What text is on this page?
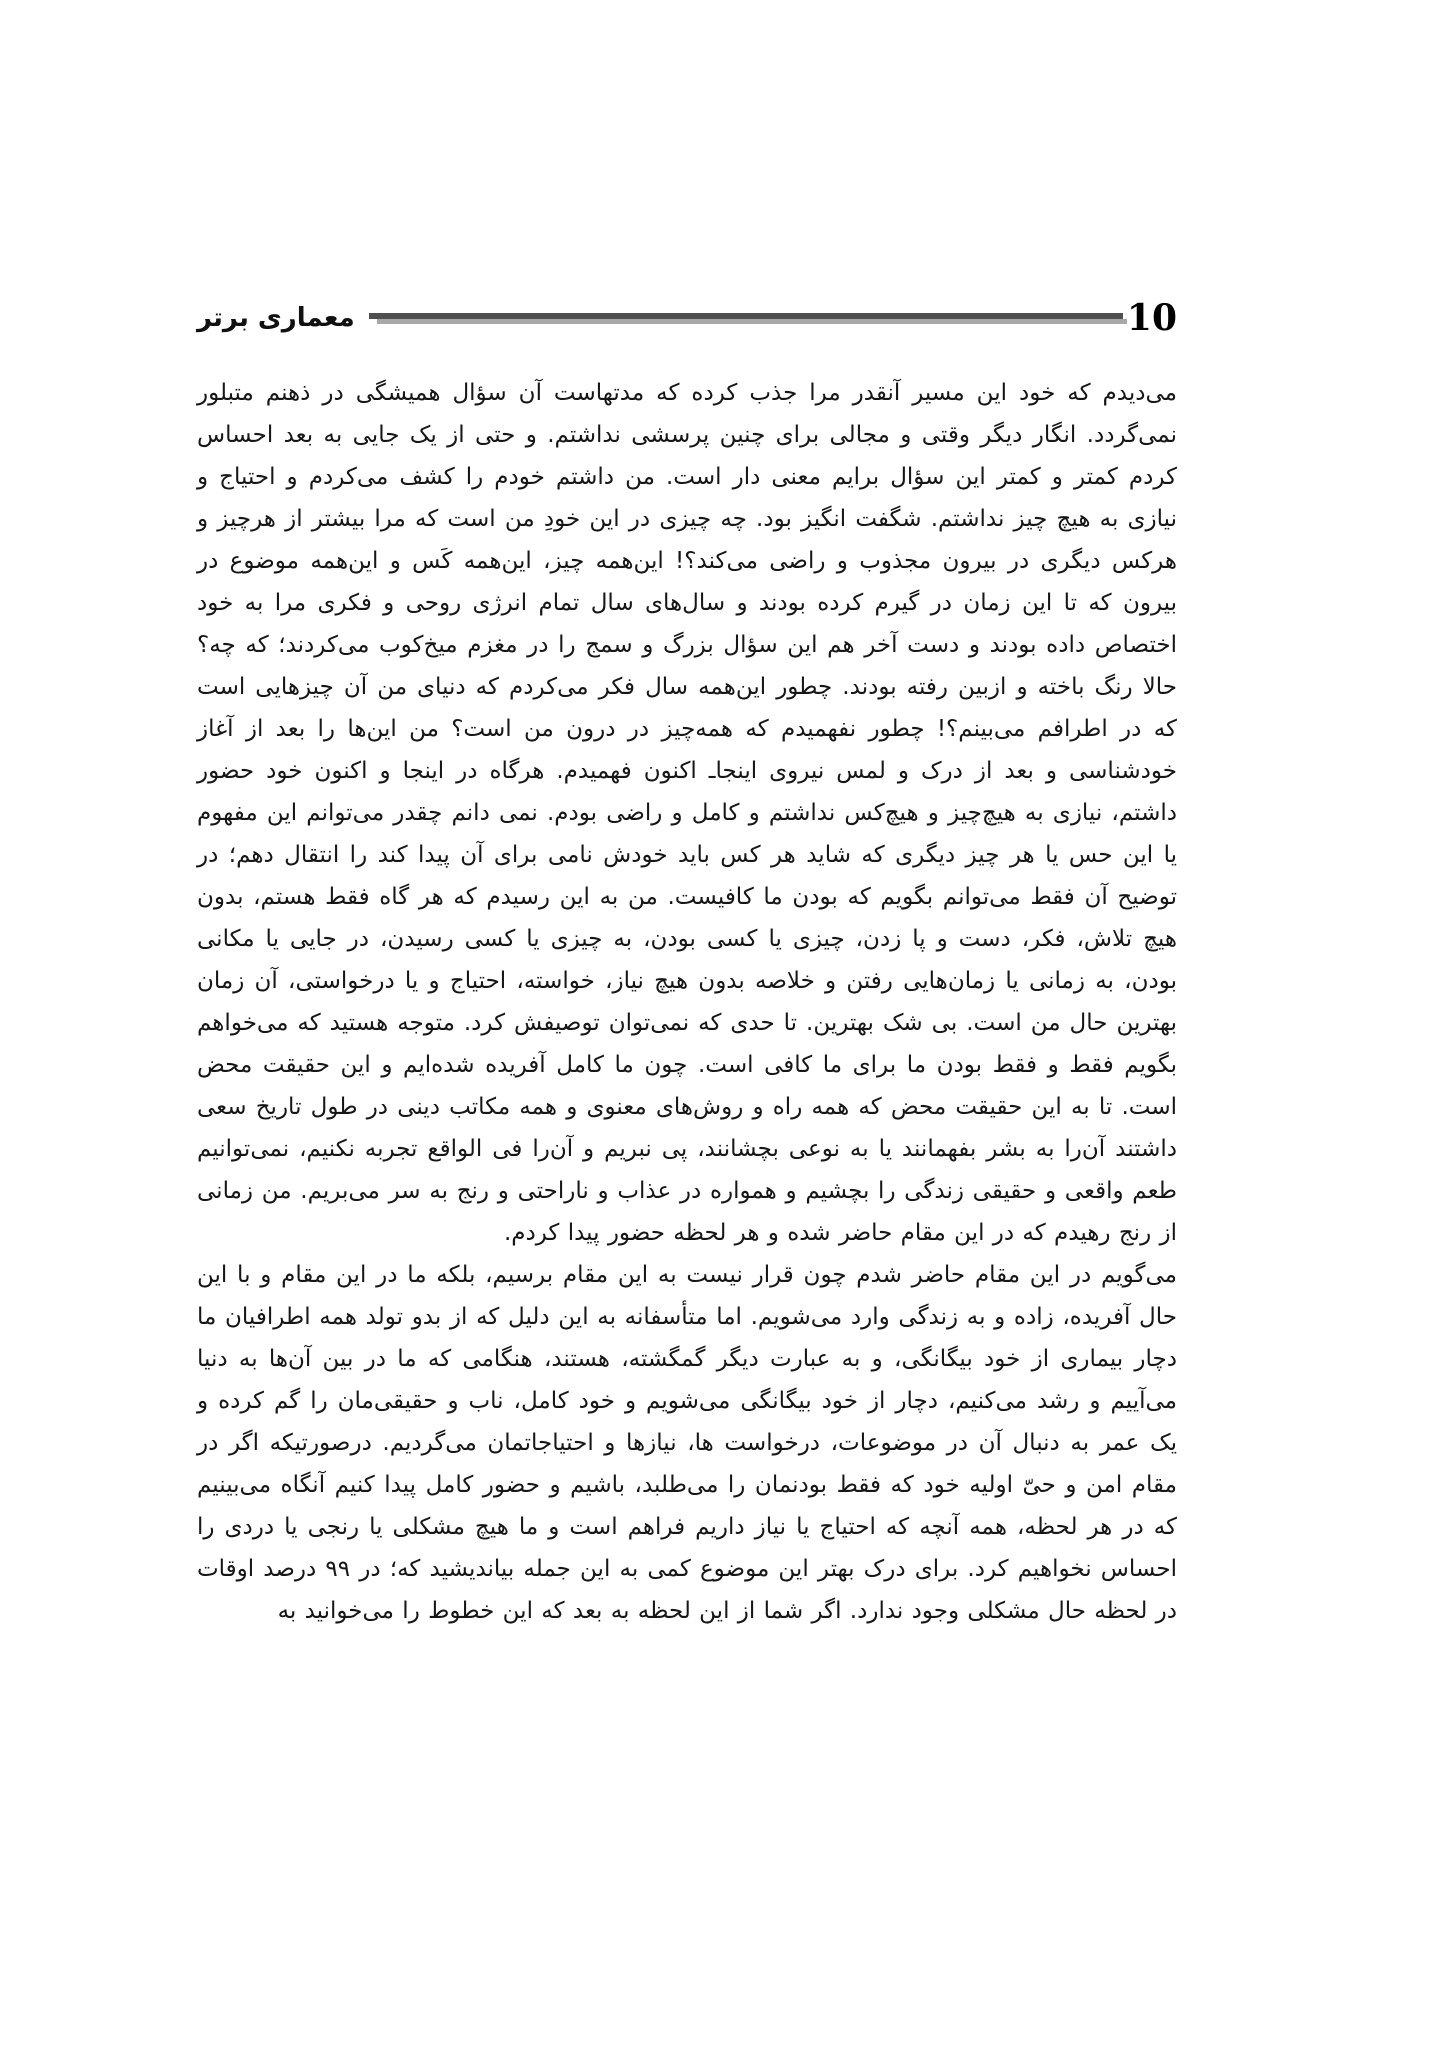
معماری برتر	10

می‌دیدم که خود این مسیر آنقدر مرا جذب کرده که مدتهاست آن سؤال همیشگی در ذهنم متبلور نمی‌گردد. انگار دیگر وقتی و مجالی برای چنین پرسشی نداشتم. و حتی از یک جایی به بعد احساس کردم کمتر و کمتر این سؤال برایم معنی دار است. من داشتم خودم را کشف می‌کردم و احتیاج و نیازی به هیچ چیز نداشتم. شگفت انگیز بود. چه چیزی در این خودِ من است که مرا بیشتر از هرچیز و هرکس دیگری در بیرون مجذوب و راضی می‌کند؟! این‌همه چیز، این‌همه کَس و این‌همه موضوع در بیرون که تا این زمان در گیرم کرده بودند و سال‌های سال تمام انرژی روحی و فکری مرا به خود اختصاص داده بودند و دست آخر هم این سؤال بزرگ و سمج را در مغزم میخ‌کوب می‌کردند؛ که چه؟ حالا رنگ باخته و ازبین رفته بودند. چطور این‌همه سال فکر می‌کردم که دنیای من آن چیزهایی است که در اطرافم می‌بینم؟! چطور نفهمیدم که همه‌چیز در درون من است؟ من این‌ها را بعد از آغاز خودشناسی و بعد از درک و لمس نیروی اینجاـ اکنون فهمیدم. هرگاه در اینجا و اکنون خود حضور داشتم، نیازی به هیچ‌چیز و هیچ‌کس نداشتم و کامل و راضی بودم. نمی دانم چقدر می‌توانم این مفهوم یا این حس یا هر چیز دیگری که شاید هر کس باید خودش نامی برای آن پیدا کند را انتقال دهم؛ در توضیح آن فقط می‌توانم بگویم که بودن ما کافیست. من به این رسیدم که هر گاه فقط هستم، بدون هیچ تلاش، فکر، دست و پا زدن، چیزی یا کسی بودن، به چیزی یا کسی رسیدن، در جایی یا مکانی بودن، به زمانی یا زمان‌هایی رفتن و خلاصه بدون هیچ نیاز، خواسته، احتیاج و یا درخواستی، آن زمان بهترین حال من است. بی شک بهترین. تا حدی که نمی‌توان توصیفش کرد. متوجه هستید که می‌خواهم بگویم فقط و فقط بودن ما برای ما کافی است. چون ما کامل آفریده شده‌ایم و این حقیقت محض است. تا به این حقیقت محض که همه راه و روش‌های معنوی و همه مکاتب دینی در طول تاریخ سعی داشتند آن‌را به بشر بفهمانند یا به نوعی بچشانند، پی نبریم و آن‌را فی الواقع تجربه نکنیم، نمی‌توانیم طعم واقعی و حقیقی زندگی را بچشیم و همواره در عذاب و ناراحتی و رنج به سر می‌بریم. من زمانی از رنج رهیدم که در این مقام حاضر شده و هر لحظه حضور پیدا کردم.

می‌گویم در این مقام حاضر شدم چون قرار نیست به این مقام برسیم، بلکه ما در این مقام و با این حال آفریده، زاده و به زندگی وارد می‌شویم. اما متأسفانه به این دلیل که از بدو تولد همه اطرافیان ما دچار بیماری از خود بیگانگی، و به عبارت دیگر گمگشته، هستند، هنگامی که ما در بین آن‌ها به دنیا می‌آییم و رشد می‌کنیم، دچار از خود بیگانگی می‌شویم و خود کامل، ناب و حقیقی‌مان را گم کرده و یک عمر به دنبال آن در موضوعات، درخواست ها، نیازها و احتیاجاتمان می‌گردیم. درصورتیکه اگر در مقام امن و حیّ اولیه خود که فقط بودنمان را می‌طلبد، باشیم و حضور کامل پیدا کنیم آنگاه می‌بینیم که در هر لحظه، همه آنچه که احتیاج یا نیاز داریم فراهم است و ما هیچ مشکلی یا رنجی یا دردی را احساس نخواهیم کرد. برای درک بهتر این موضوع کمی به این جمله بیاندیشید که؛ در ۹۹ درصد اوقات در لحظه حال مشکلی وجود ندارد. اگر شما از این لحظه به بعد که این خطوط را می‌خوانید به
